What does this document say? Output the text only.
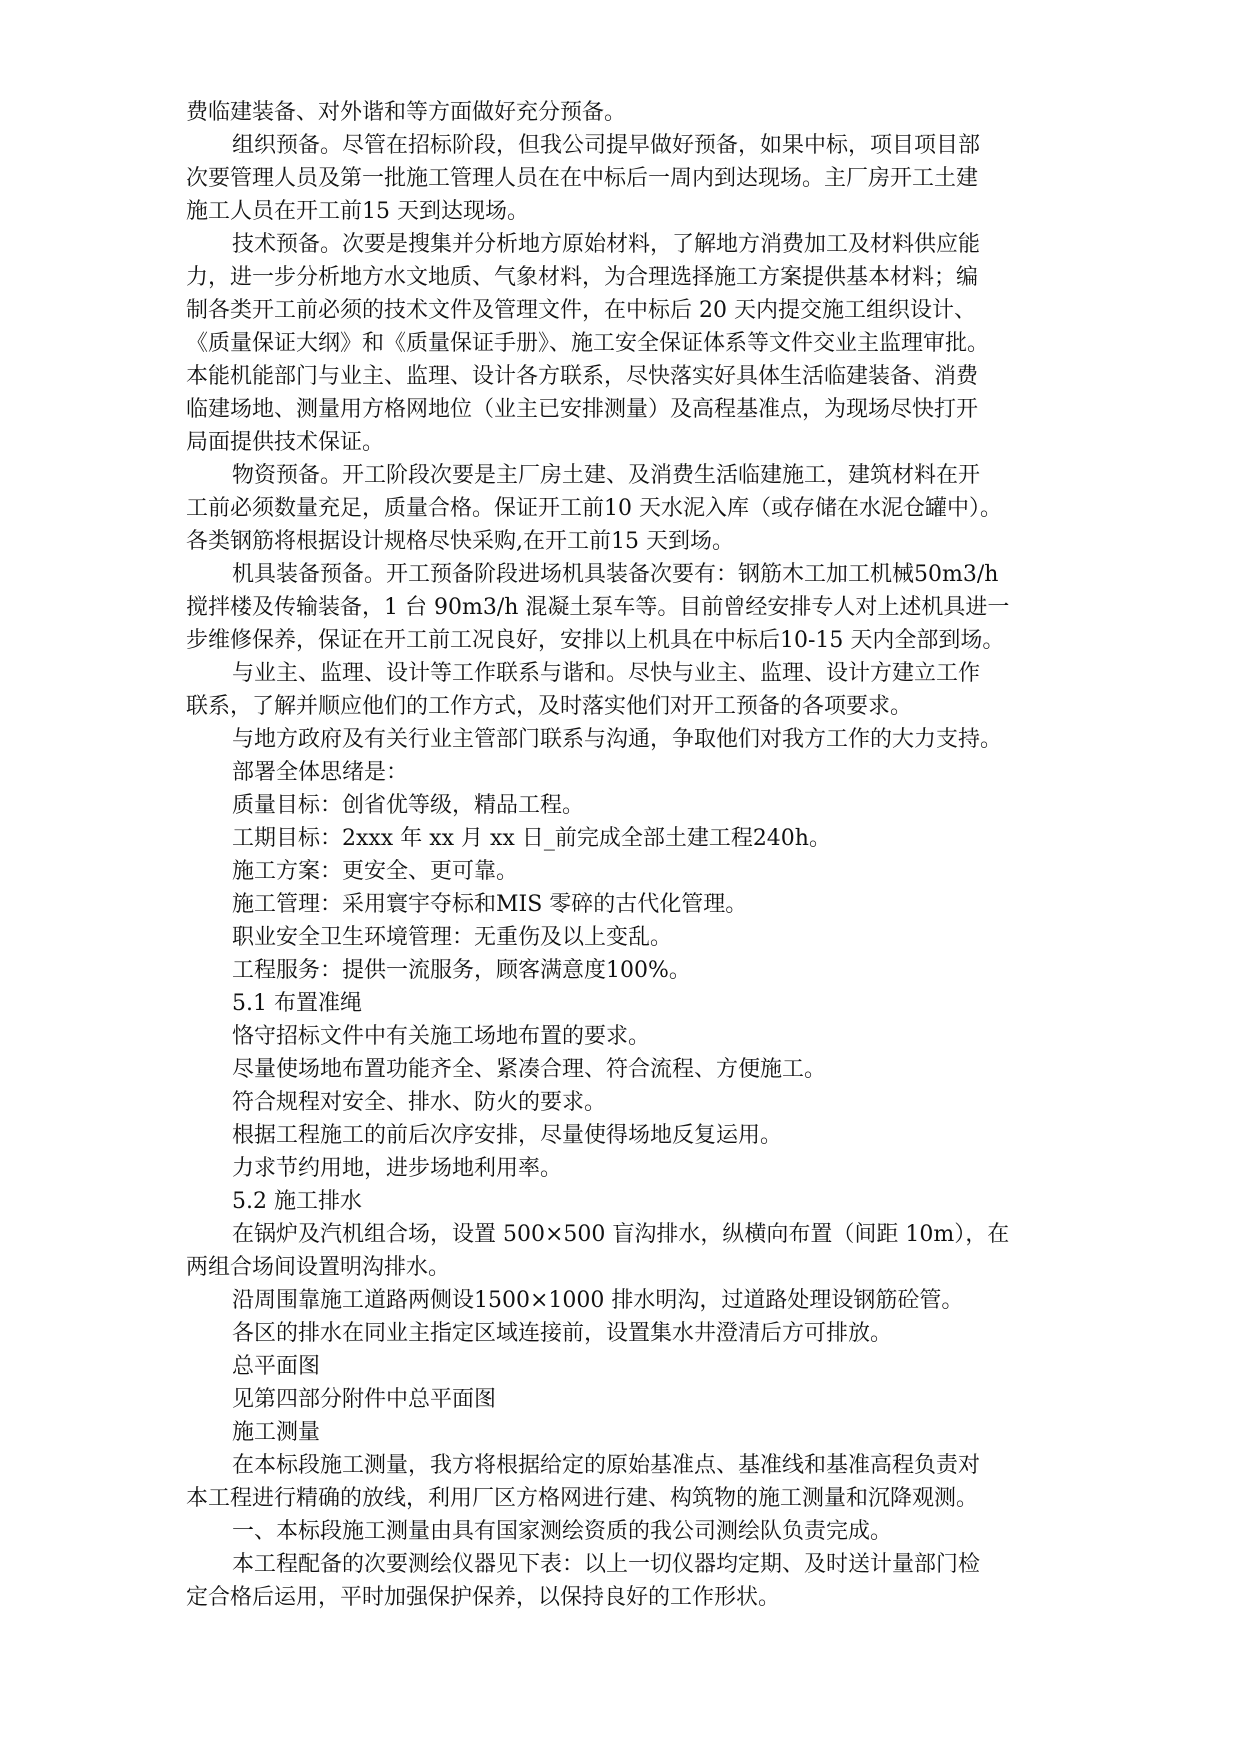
费临建装备、对外谐和等方面做好充分预备。
组织预备。尽管在招标阶段，但我公司提早做好预备，如果中标，项目项目部
次要管理人员及第一批施工管理人员在在中标后一周内到达现场。主厂房开工土建
施工人员在开工前15 天到达现场。
技术预备。次要是搜集并分析地方原始材料，了解地方消费加工及材料供应能
力，进一步分析地方水文地质、气象材料，为合理选择施工方案提供基本材料；编
制各类开工前必须的技术文件及管理文件，在中标后 20 天内提交施工组织设计、
《质量保证大纲》和《质量保证手册》、施工安全保证体系等文件交业主监理审批。
本能机能部门与业主、监理、设计各方联系，尽快落实好具体生活临建装备、消费
临建场地、测量用方格网地位（业主已安排测量）及高程基准点，为现场尽快打开
局面提供技术保证。
物资预备。开工阶段次要是主厂房土建、及消费生活临建施工，建筑材料在开
工前必须数量充足，质量合格。保证开工前10 天水泥入库（或存储在水泥仓罐中）。
各类钢筋将根据设计规格尽快采购,在开工前15 天到场。
机具装备预备。开工预备阶段进场机具装备次要有：钢筋木工加工机械50m3/h
搅拌楼及传输装备，1 台 90m3/h 混凝土泵车等。目前曾经安排专人对上述机具进一
步维修保养，保证在开工前工况良好，安排以上机具在中标后10-15 天内全部到场。
与业主、监理、设计等工作联系与谐和。尽快与业主、监理、设计方建立工作
联系，了解并顺应他们的工作方式，及时落实他们对开工预备的各项要求。
与地方政府及有关行业主管部门联系与沟通，争取他们对我方工作的大力支持。
部署全体思绪是：
质量目标：创省优等级，精品工程。
工期目标：2xxx 年 xx 月 xx 日_前完成全部土建工程240h。
施工方案：更安全、更可靠。
施工管理：采用寰宇夺标和MIS 零碎的古代化管理。
职业安全卫生环境管理：无重伤及以上变乱。
工程服务：提供一流服务，顾客满意度100%。
5.1 布置准绳
恪守招标文件中有关施工场地布置的要求。
尽量使场地布置功能齐全、紧凑合理、符合流程、方便施工。
符合规程对安全、排水、防火的要求。
根据工程施工的前后次序安排，尽量使得场地反复运用。
力求节约用地，进步场地利用率。
5.2 施工排水
在锅炉及汽机组合场，设置 500×500 盲沟排水，纵横向布置（间距 10m），在
两组合场间设置明沟排水。
沿周围靠施工道路两侧设1500×1000 排水明沟，过道路处理设钢筋砼管。
各区的排水在同业主指定区域连接前，设置集水井澄清后方可排放。
总平面图
见第四部分附件中总平面图
施工测量
在本标段施工测量，我方将根据给定的原始基准点、基准线和基准高程负责对
本工程进行精确的放线，利用厂区方格网进行建、构筑物的施工测量和沉降观测。
一、本标段施工测量由具有国家测绘资质的我公司测绘队负责完成。
本工程配备的次要测绘仪器见下表：以上一切仪器均定期、及时送计量部门检
定合格后运用，平时加强保护保养，以保持良好的工作形状。
